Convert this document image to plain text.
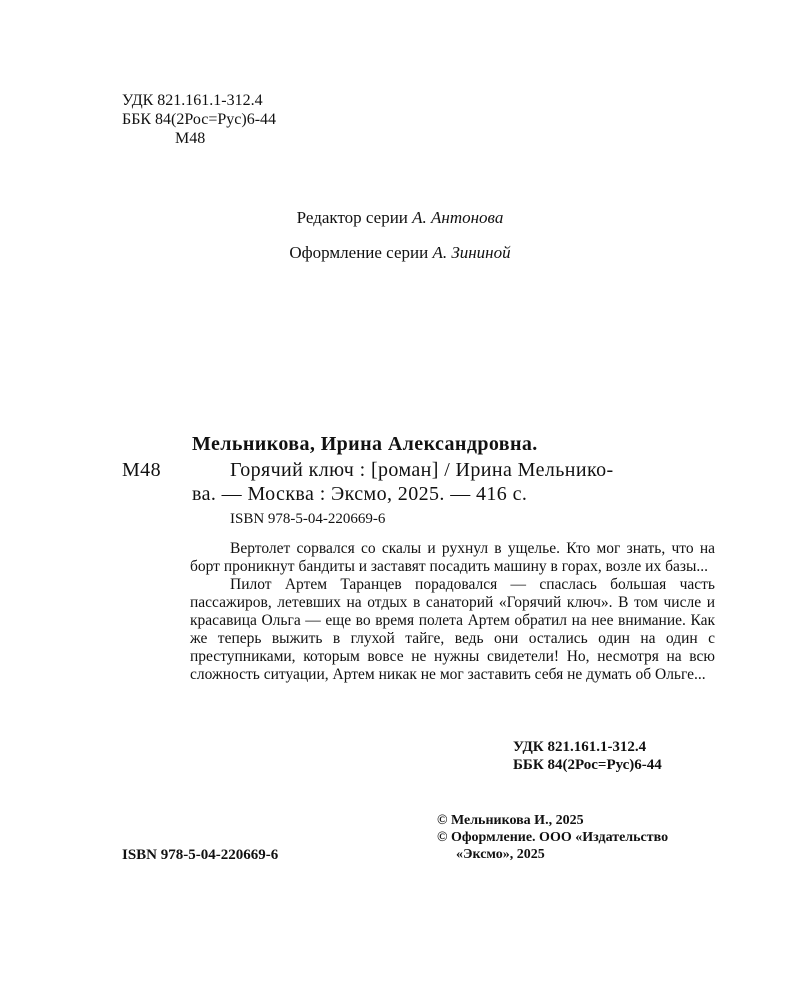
УДК 821.161.1-312.4
ББК 84(2Рос=Рус)6-44
М48
Редактор серии А. Антонова
Оформление серии А. Зининой
Мельникова, Ирина Александровна.
М48	Горячий ключ : [роман] / Ирина Мельнико-
ва. — Москва : Эксмо, 2025. — 416 с.
ISBN 978-5-04-220669-6

Вертолет сорвался со скалы и рухнул в ущелье. Кто мог знать, что на борт проникнут бандиты и заставят посадить машину в горах, возле их базы...

Пилот Артем Таранцев порадовался — спаслась большая часть пассажиров, летевших на отдых в санаторий «Горячий ключ». В том числе и красавица Ольга — еще во время полета Артем обратил на нее внимание. Как же теперь выжить в глухой тайге, ведь они остались один на один с преступниками, которым вовсе не нужны свидетели! Но, несмотря на всю сложность ситуации, Артем никак не мог заставить себя не думать об Ольге...

УДК 821.161.1-312.4
ББК 84(2Рос=Рус)6-44
© Мельникова И., 2025
© Оформление. ООО «Издательство
«Эксмо», 2025
ISBN 978-5-04-220669-6
